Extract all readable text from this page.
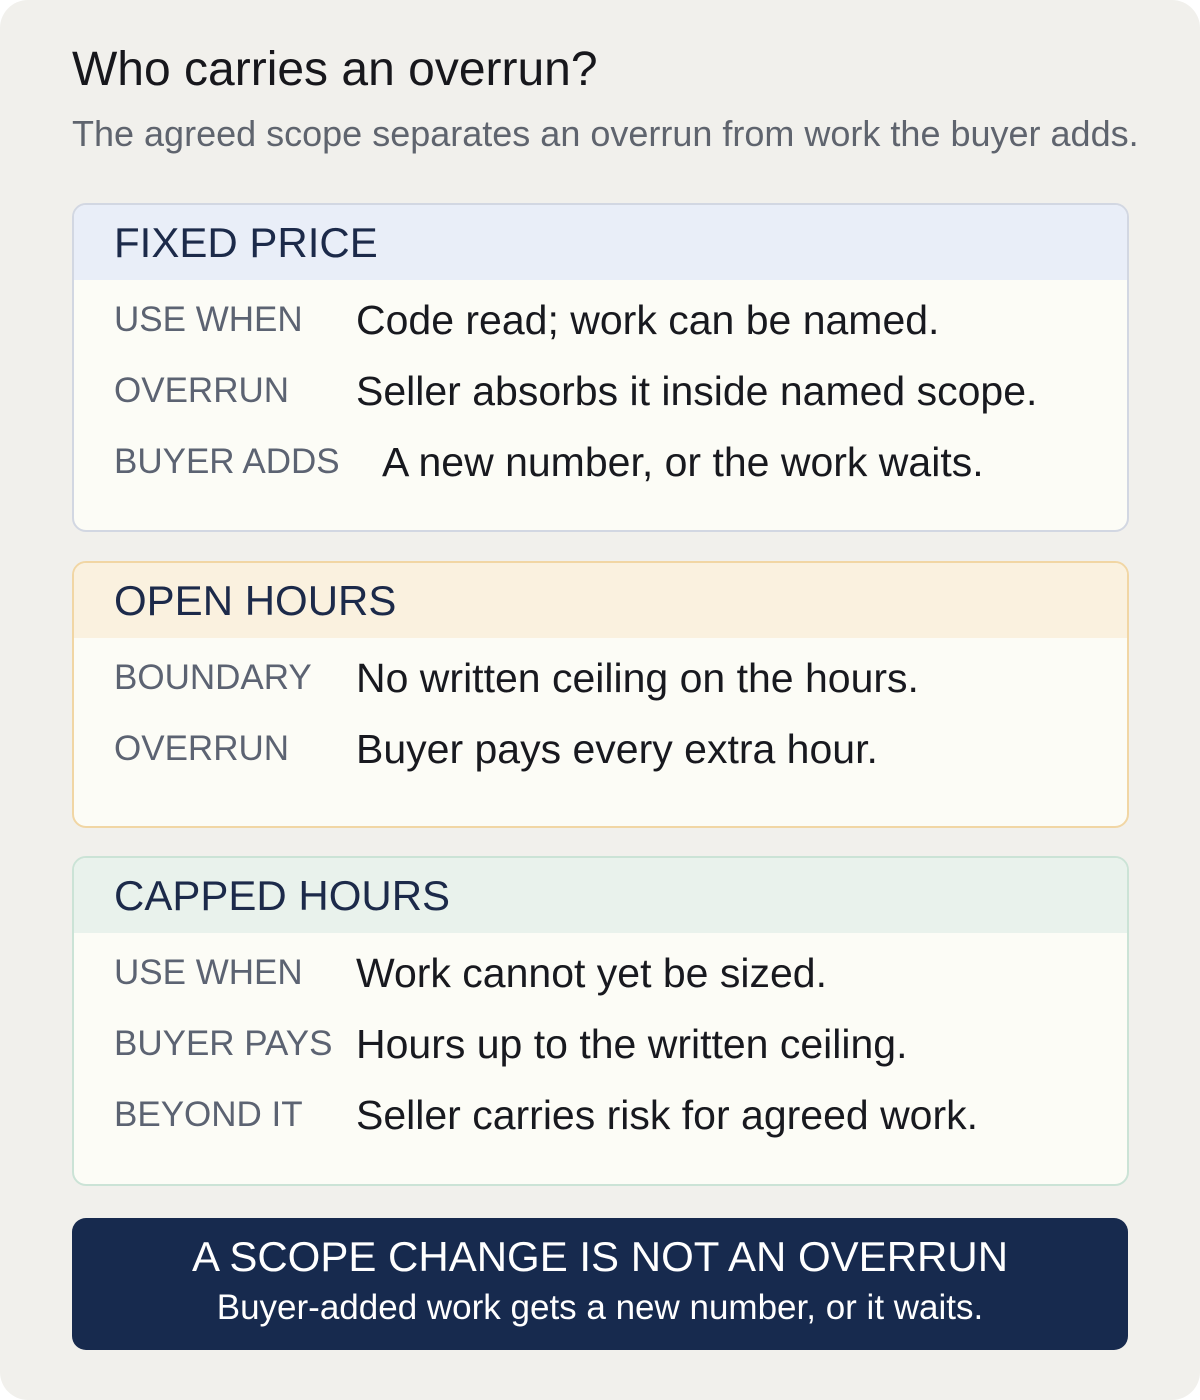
Who carries an overrun?
The agreed scope separates an overrun from work the buyer adds.
FIXED PRICE
USE WHEN Code read; work can be named.
OVERRUN Seller absorbs it inside named scope.
BUYER ADDS A new number, or the work waits.
OPEN HOURS
BOUNDARY No written ceiling on the hours.
OVERRUN Buyer pays every extra hour.
CAPPED HOURS
USE WHEN Work cannot yet be sized.
BUYER PAYS Hours up to the written ceiling.
BEYOND IT Seller carries risk for agreed work.
A SCOPE CHANGE IS NOT AN OVERRUN
Buyer-added work gets a new number, or it waits.
